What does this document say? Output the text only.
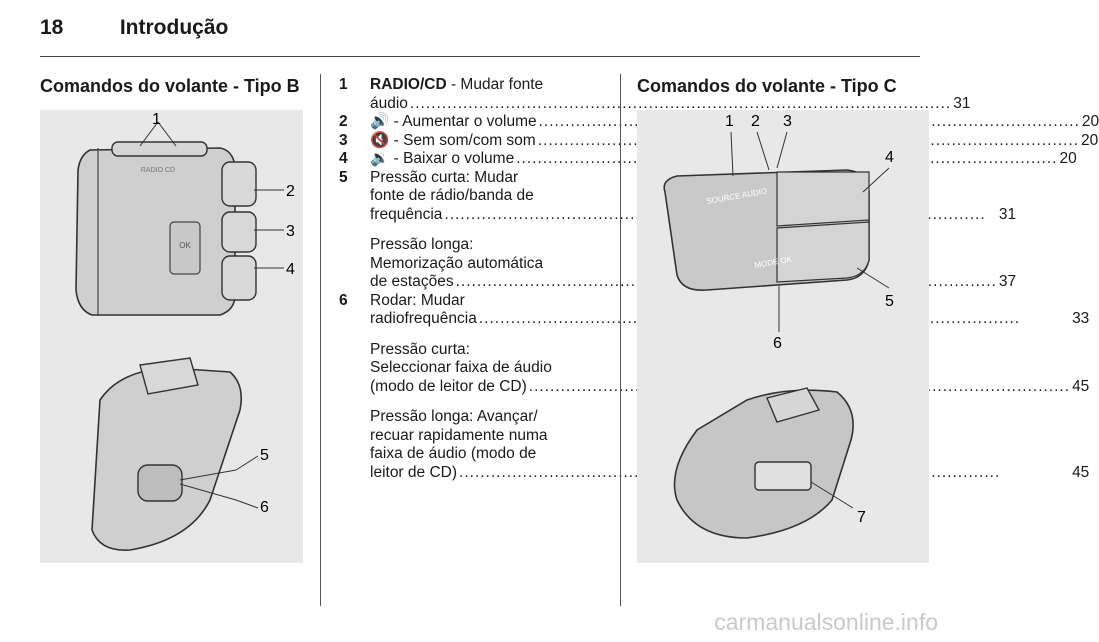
18	Introdução
Comandos do volante - Tipo B
RADIO CD
OK
1
2
3
4
5
6
1	RADIO/CD - Mudar fonte
áudio .....	31
2	🔊 - Aumentar o volume .....	20
3	🔇 - Sem som/com som .....	20
4	🔉 - Baixar o volume .....	20
5	Pressão curta: Mudar
fonte de rádio/banda de
frequência .....	31
Pressão longa:
Memorização automática
de estações .....	37
6	Rodar: Mudar
radiofrequência .....	33
Pressão curta:
Seleccionar faixa de áudio
(modo de leitor de CD) .....	45
Pressão longa: Avançar/
recuar rapidamente numa
faixa de áudio (modo de
leitor de CD) .....	45
Comandos do volante - Tipo C
SOURCE AUDIO
MODE OK
1 2 3
4
5
6
7
carmanualsonline.info
